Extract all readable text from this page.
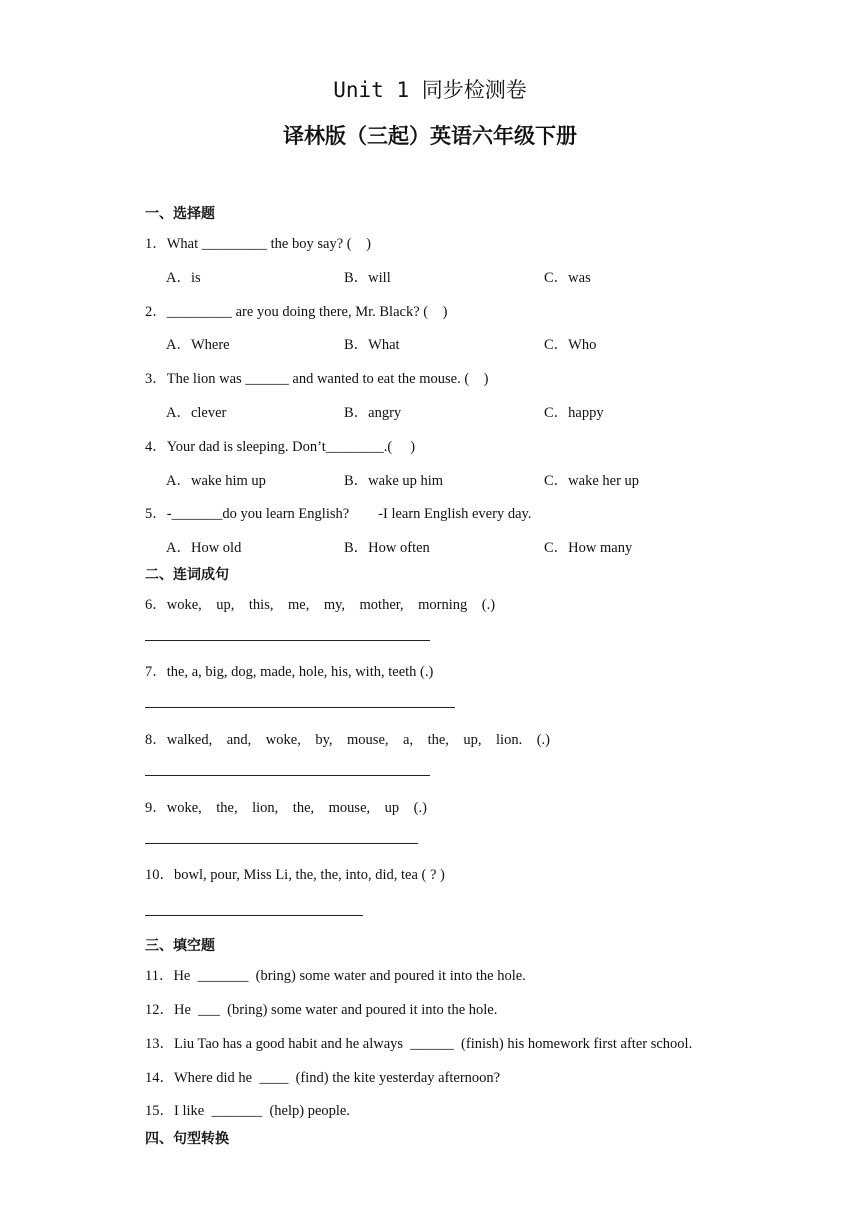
Unit 1 同步检测卷
译林版（三起）英语六年级下册
一、选择题
1．What _________ the boy say? (    )
A．is	B．will	C．was
2．_________ are you doing there, Mr. Black? (    )
A．Where	B．What	C．Who
3．The lion was ______ and wanted to eat the mouse. (    )
A．clever	B．angry	C．happy
4．Your dad is sleeping. Don’t________.(     )
A．wake him up	B．wake up him	C．wake her up
5．-_______do you learn English?        -I learn English every day.
A．How old	B．How often	C．How many
二、连词成句
6．woke,    up,    this,    me,    my,    mother,    morning    (.)
7．the, a, big, dog, made, hole, his, with, teeth (.)
8．walked,    and,    woke,    by,    mouse,    a,    the,    up,    lion.    (.)
9．woke,    the,    lion,    the,    mouse,    up    (.)
10．bowl, pour, Miss Li, the, the, into, did, tea ( ? )
三、填空题
11．He  _______  (bring) some water and poured it into the hole.
12．He  ___  (bring) some water and poured it into the hole.
13．Liu Tao has a good habit and he always  ______  (finish) his homework first after school.
14．Where did he  ____  (find) the kite yesterday afternoon?
15．I like  _______  (help) people.
四、句型转换
